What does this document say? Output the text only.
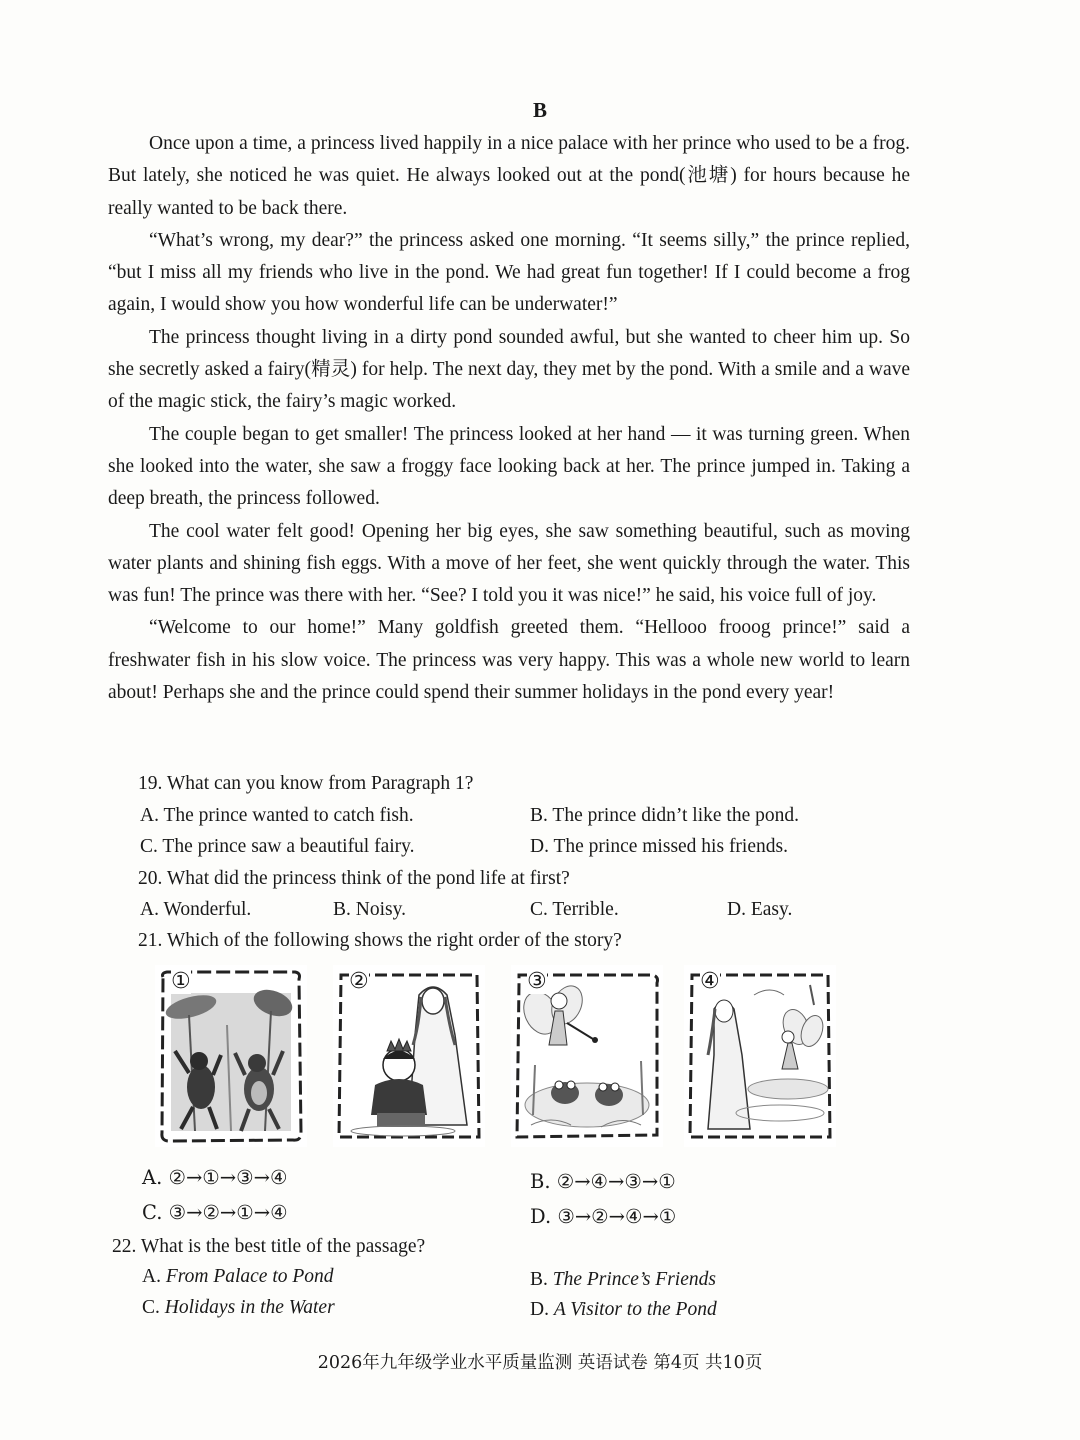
B

Once upon a time, a princess lived happily in a nice palace with her prince who used to be a frog. But lately, she noticed he was quiet. He always looked out at the pond(池塘) for hours because he really wanted to be back there.

“What’s wrong, my dear?” the princess asked one morning. “It seems silly,” the prince replied, “but I miss all my friends who live in the pond. We had great fun together! If I could become a frog again, I would show you how wonderful life can be underwater!”

The princess thought living in a dirty pond sounded awful, but she wanted to cheer him up. So she secretly asked a fairy(精灵) for help. The next day, they met by the pond. With a smile and a wave of the magic stick, the fairy’s magic worked.

The couple began to get smaller! The princess looked at her hand — it was turning green. When she looked into the water, she saw a froggy face looking back at her. The prince jumped in. Taking a deep breath, the princess followed.

The cool water felt good! Opening her big eyes, she saw something beautiful, such as moving water plants and shining fish eggs. With a move of her feet, she went quickly through the water. This was fun! The prince was there with her. “See? I told you it was nice!” he said, his voice full of joy.

“Welcome to our home!” Many goldfish greeted them. “Hellooo frooog prince!” said a freshwater fish in his slow voice. The princess was very happy. This was a whole new world to learn about! Perhaps she and the prince could spend their summer holidays in the pond every year!

19. What can you know from Paragraph 1?
A. The prince wanted to catch fish.	B. The prince didn’t like the pond.
C. The prince saw a beautiful fairy.	D. The prince missed his friends.
20. What did the princess think of the pond life at first?
A. Wonderful.	B. Noisy.	C. Terrible.	D. Easy.
21. Which of the following shows the right order of the story?
①	②	③	④
A. ②→①→③→④	B. ②→④→③→①
C. ③→②→①→④	D. ③→②→④→①
22. What is the best title of the passage?
A. From Palace to Pond	B. The Prince’s Friends
C. Holidays in the Water	D. A Visitor to the Pond
2026年九年级学业水平质量监测 英语试卷 第4页 共10页
